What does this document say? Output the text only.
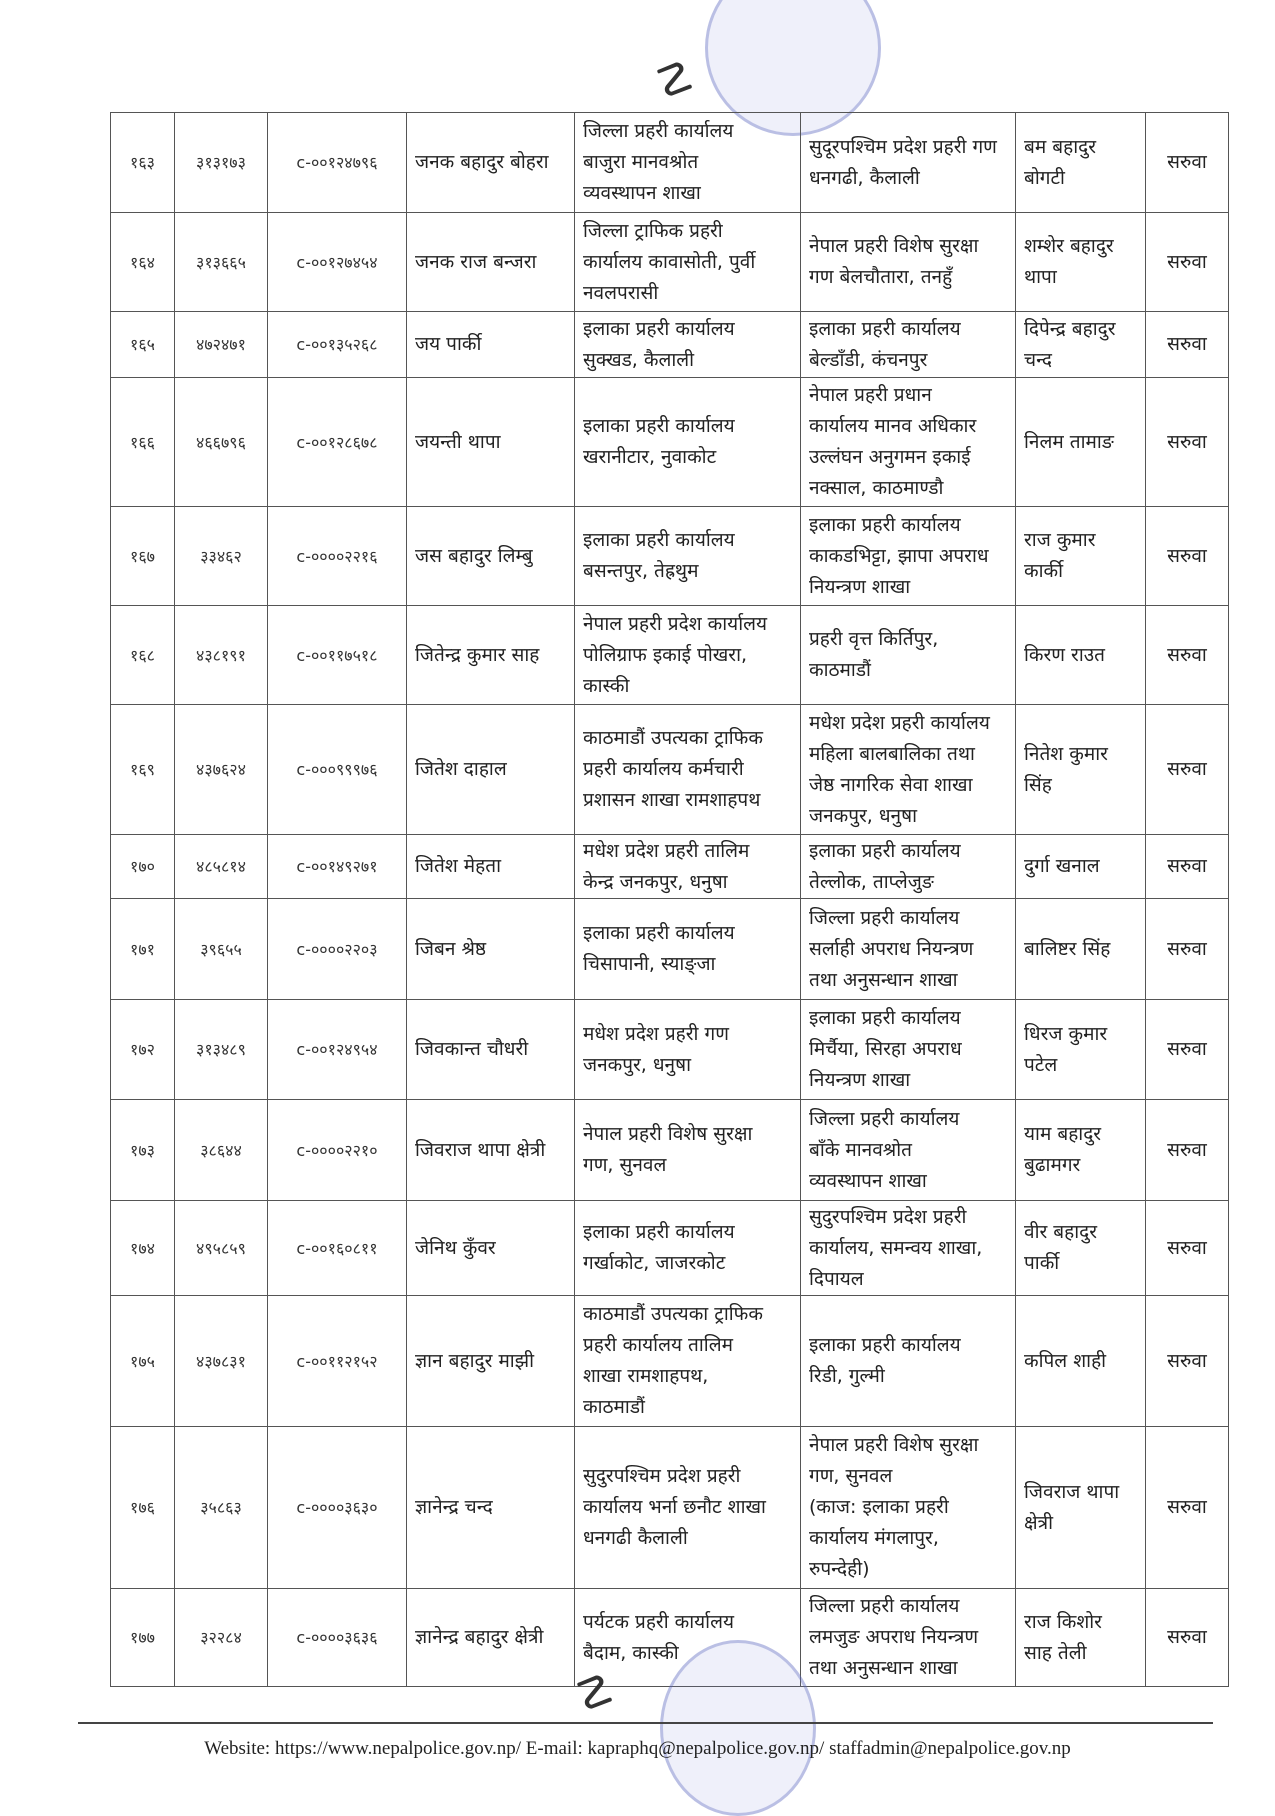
☡
१६३	३१३१७३	c-००१२४७९६	जनक बहादुर बोहरा	जिल्ला प्रहरी कार्यालय
बाजुरा मानवश्रोत
व्यवस्थापन शाखा	सुदूरपश्चिम प्रदेश प्रहरी गण
धनगढी, कैलाली	बम बहादुर
बोगटी	सरुवा
१६४	३१३६६५	c-००१२७४५४	जनक राज बन्जरा	जिल्ला ट्राफिक प्रहरी
कार्यालय कावासोती, पुर्वी
नवलपरासी	नेपाल प्रहरी विशेष सुरक्षा
गण बेलचौतारा, तनहुँ	शम्शेर बहादुर
थापा	सरुवा
१६५	४७२४७१	c-००१३५२६८	जय पार्की	इलाका प्रहरी कार्यालय
सुक्खड, कैलाली	इलाका प्रहरी कार्यालय
बेल्डाँडी, कंचनपुर	दिपेन्द्र बहादुर
चन्द	सरुवा
१६६	४६६७९६	c-००१२८६७८	जयन्ती थापा	इलाका प्रहरी कार्यालय
खरानीटार, नुवाकोट	नेपाल प्रहरी प्रधान
कार्यालय मानव अधिकार
उल्लंघन अनुगमन इकाई
नक्साल, काठमाण्डौ	निलम तामाङ	सरुवा
१६७	३३४६२	c-००००२२१६	जस बहादुर लिम्बु	इलाका प्रहरी कार्यालय
बसन्तपुर, तेह्रथुम	इलाका प्रहरी कार्यालय
काकडभिट्टा, झापा अपराध
नियन्त्रण शाखा	राज कुमार
कार्की	सरुवा
१६८	४३८१९१	c-००११७५१८	जितेन्द्र कुमार साह	नेपाल प्रहरी प्रदेश कार्यालय
पोलिग्राफ इकाई पोखरा,
कास्की	प्रहरी वृत्त किर्तिपुर,
काठमाडौं	किरण राउत	सरुवा
१६९	४३७६२४	c-०००९९९७६	जितेश दाहाल	काठमाडौं उपत्यका ट्राफिक
प्रहरी कार्यालय कर्मचारी
प्रशासन शाखा रामशाहपथ	मधेश प्रदेश प्रहरी कार्यालय
महिला बालबालिका तथा
जेष्ठ नागरिक सेवा शाखा
जनकपुर, धनुषा	नितेश कुमार
सिंह	सरुवा
१७०	४८५८१४	c-००१४९२७१	जितेश मेहता	मधेश प्रदेश प्रहरी तालिम
केन्द्र जनकपुर, धनुषा	इलाका प्रहरी कार्यालय
तेल्लोक, ताप्लेजुङ	दुर्गा खनाल	सरुवा
१७१	३९६५५	c-००००२२०३	जिबन श्रेष्ठ	इलाका प्रहरी कार्यालय
चिसापानी, स्याङ्जा	जिल्ला प्रहरी कार्यालय
सर्लाही अपराध नियन्त्रण
तथा अनुसन्धान शाखा	बालिष्टर सिंह	सरुवा
१७२	३१३४८९	c-००१२४९५४	जिवकान्त चौधरी	मधेश प्रदेश प्रहरी गण
जनकपुर, धनुषा	इलाका प्रहरी कार्यालय
मिर्चैया, सिरहा अपराध
नियन्त्रण शाखा	धिरज कुमार
पटेल	सरुवा
१७३	३८६४४	c-००००२२१०	जिवराज थापा क्षेत्री	नेपाल प्रहरी विशेष सुरक्षा
गण, सुनवल	जिल्ला प्रहरी कार्यालय
बाँके मानवश्रोत
व्यवस्थापन शाखा	याम बहादुर
बुढामगर	सरुवा
१७४	४९५८५९	c-००१६०८११	जेनिथ कुँवर	इलाका प्रहरी कार्यालय
गर्खाकोट, जाजरकोट	सुदुरपश्चिम प्रदेश प्रहरी
कार्यालय, समन्वय शाखा,
दिपायल	वीर बहादुर
पार्की	सरुवा
१७५	४३७८३१	c-००११२१५२	ज्ञान बहादुर माझी	काठमाडौं उपत्यका ट्राफिक
प्रहरी कार्यालय तालिम
शाखा रामशाहपथ,
काठमाडौं	इलाका प्रहरी कार्यालय
रिडी, गुल्मी	कपिल शाही	सरुवा
१७६	३५८६३	c-००००३६३०	ज्ञानेन्द्र चन्द	सुदुरपश्चिम प्रदेश प्रहरी
कार्यालय भर्ना छनौट शाखा
धनगढी कैलाली	नेपाल प्रहरी विशेष सुरक्षा
गण, सुनवल
(काज: इलाका प्रहरी
कार्यालय मंगलापुर,
रुपन्देही)	जिवराज थापा
क्षेत्री	सरुवा
१७७	३२२८४	c-००००३६३६	ज्ञानेन्द्र बहादुर क्षेत्री	पर्यटक प्रहरी कार्यालय
बैदाम, कास्की	जिल्ला प्रहरी कार्यालय
लमजुङ अपराध नियन्त्रण
तथा अनुसन्धान शाखा	राज किशोर
साह तेली	सरुवा
☡
Website: https://www.nepalpolice.gov.np/ E-mail: kapraphq@nepalpolice.gov.np/ staffadmin@nepalpolice.gov.np
